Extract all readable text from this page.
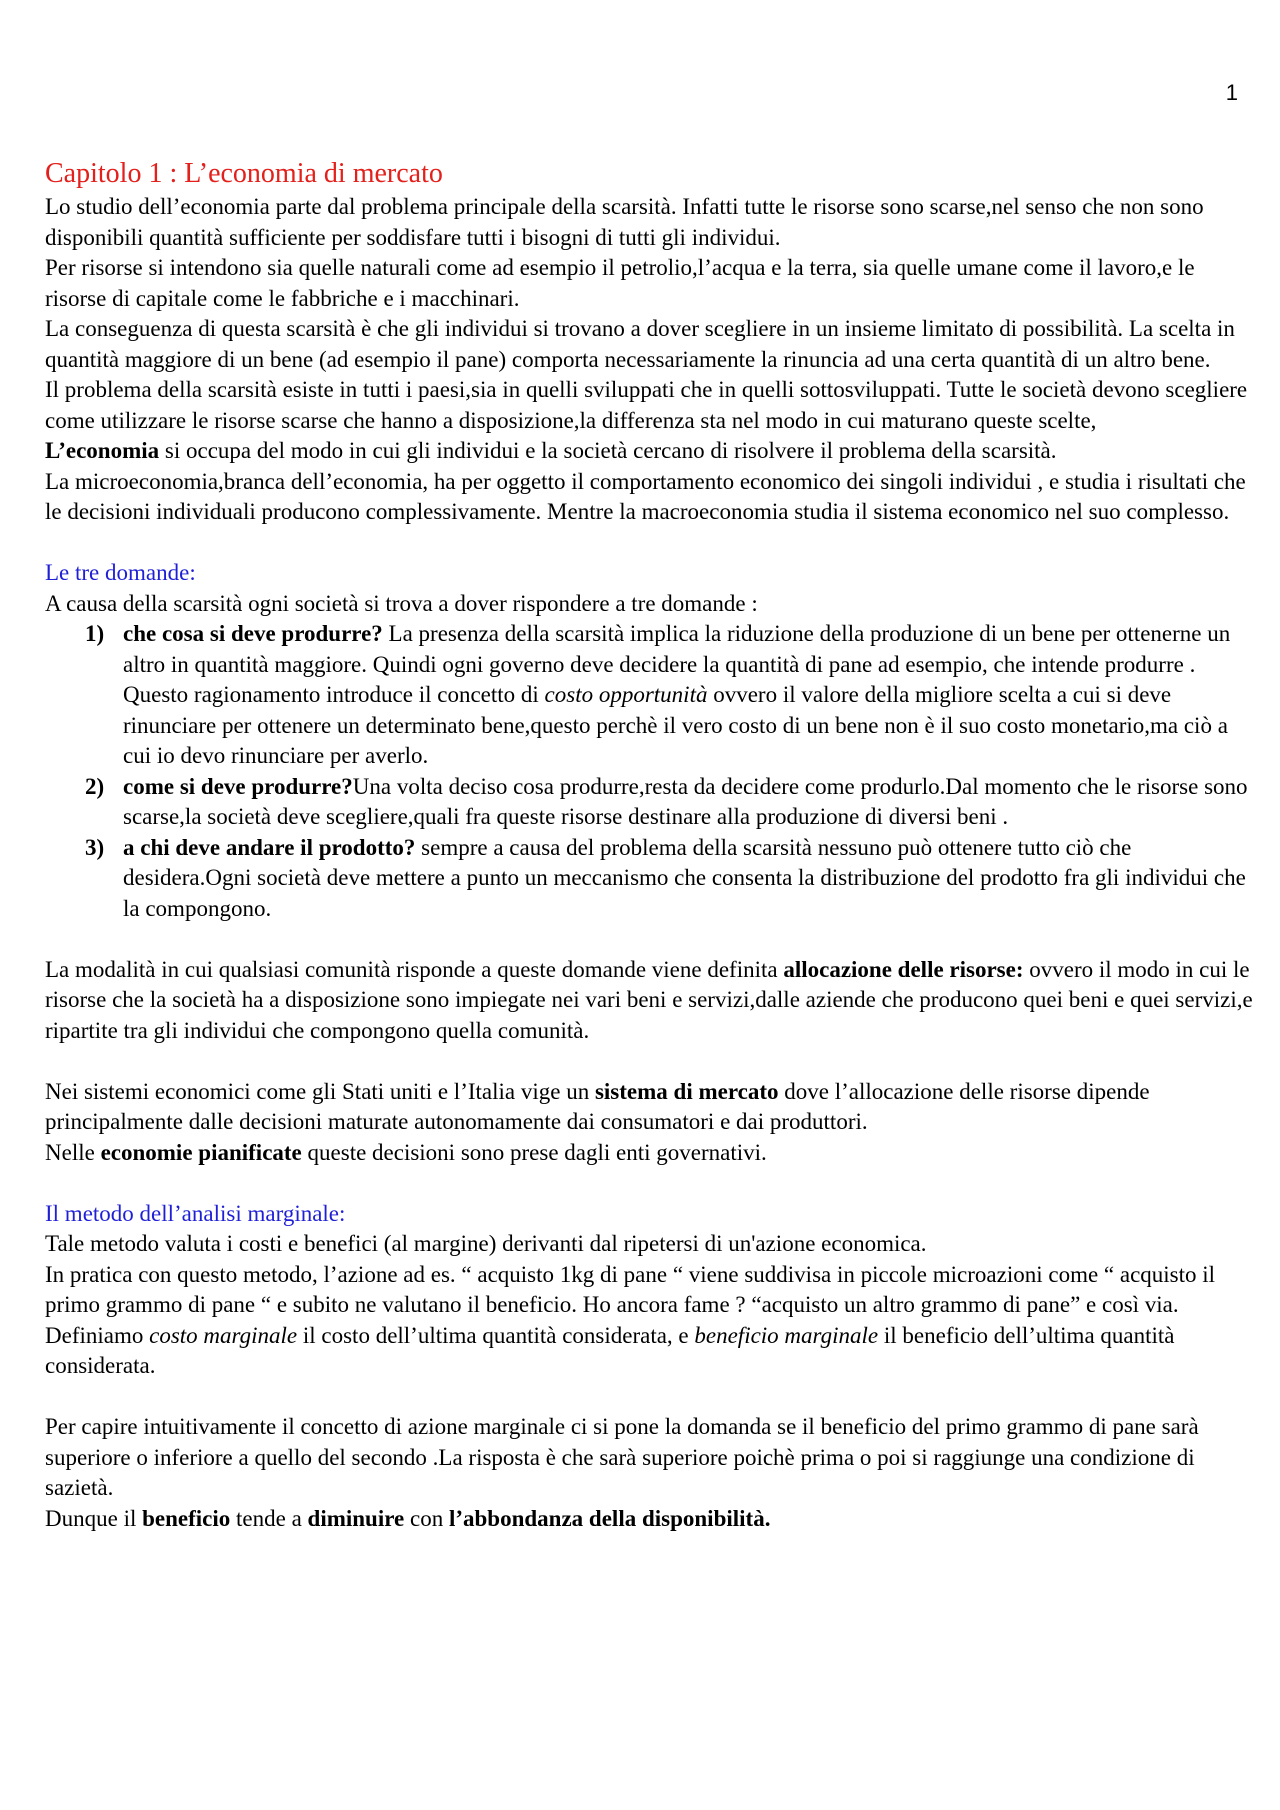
1
Capitolo 1 : L’economia di mercato

Lo studio dell’economia parte dal problema principale della scarsità. Infatti tutte le risorse sono scarse,nel senso che non sono disponibili quantità sufficiente per soddisfare tutti i bisogni di tutti gli individui.

Per risorse si intendono sia quelle naturali come ad esempio il petrolio,l’acqua e la terra, sia quelle umane come il lavoro,e le risorse di capitale come le fabbriche e i macchinari.

La conseguenza di questa scarsità è che gli individui si trovano a dover scegliere in un insieme limitato di possibilità. La scelta in quantità maggiore di un bene (ad esempio il pane) comporta necessariamente la rinuncia ad una certa quantità di un altro bene.

Il problema della scarsità esiste in tutti i paesi,sia in quelli sviluppati che in quelli sottosviluppati. Tutte le società devono scegliere come utilizzare le risorse scarse che hanno a disposizione,la differenza sta nel modo in cui maturano queste scelte,

L’economia si occupa del modo in cui gli individui e la società cercano di risolvere il problema della scarsità.

La microeconomia,branca dell’economia, ha per oggetto il comportamento economico dei singoli individui , e studia i risultati che le decisioni individuali producono complessivamente. Mentre la macroeconomia studia il sistema economico nel suo complesso.

Le tre domande:

A causa della scarsità ogni società si trova a dover rispondere a tre domande :

1) che cosa si deve produrre? La presenza della scarsità implica la riduzione della produzione di un bene per ottenerne un altro in quantità maggiore. Quindi ogni governo deve decidere la quantità di pane ad esempio, che intende produrre . Questo ragionamento introduce il concetto di costo opportunità ovvero il valore della migliore scelta a cui si deve rinunciare per ottenere un determinato bene,questo perchè il vero costo di un bene non è il suo costo monetario,ma ciò a cui io devo rinunciare per averlo.
2) come si deve produrre?Una volta deciso cosa produrre,resta da decidere come produrlo.Dal momento che le risorse sono scarse,la società deve scegliere,quali fra queste risorse destinare alla produzione di diversi beni .
3) a chi deve andare il prodotto? sempre a causa del problema della scarsità nessuno può ottenere tutto ciò che desidera.Ogni società deve mettere a punto un meccanismo che consenta la distribuzione del prodotto fra gli individui che la compongono.

La modalità in cui qualsiasi comunità risponde a queste domande viene definita allocazione delle risorse: ovvero il modo in cui le risorse che la società ha a disposizione sono impiegate nei vari beni e servizi,dalle aziende che producono quei beni e quei servizi,e ripartite tra gli individui che compongono quella comunità.

Nei sistemi economici come gli Stati uniti e l’Italia vige un sistema di mercato dove l’allocazione delle risorse dipende principalmente dalle decisioni maturate autonomamente dai consumatori e dai produttori.

Nelle economie pianificate queste decisioni sono prese dagli enti governativi.

Il metodo dell’analisi marginale:

Tale metodo valuta i costi e benefici (al margine) derivanti dal ripetersi di un'azione economica.

In pratica con questo metodo, l’azione ad es. “ acquisto 1kg di pane “ viene suddivisa in piccole microazioni come “ acquisto il primo grammo di pane “ e subito ne valutano il beneficio. Ho ancora fame ? “acquisto un altro grammo di pane” e così via.

Definiamo costo marginale il costo dell’ultima quantità considerata, e beneficio marginale il beneficio dell’ultima quantità considerata.

Per capire intuitivamente il concetto di azione marginale ci si pone la domanda se il beneficio del primo grammo di pane sarà superiore o inferiore a quello del secondo .La risposta è che sarà superiore poichè prima o poi si raggiunge una condizione di sazietà.

Dunque il beneficio tende a diminuire con l’abbondanza della disponibilità.
